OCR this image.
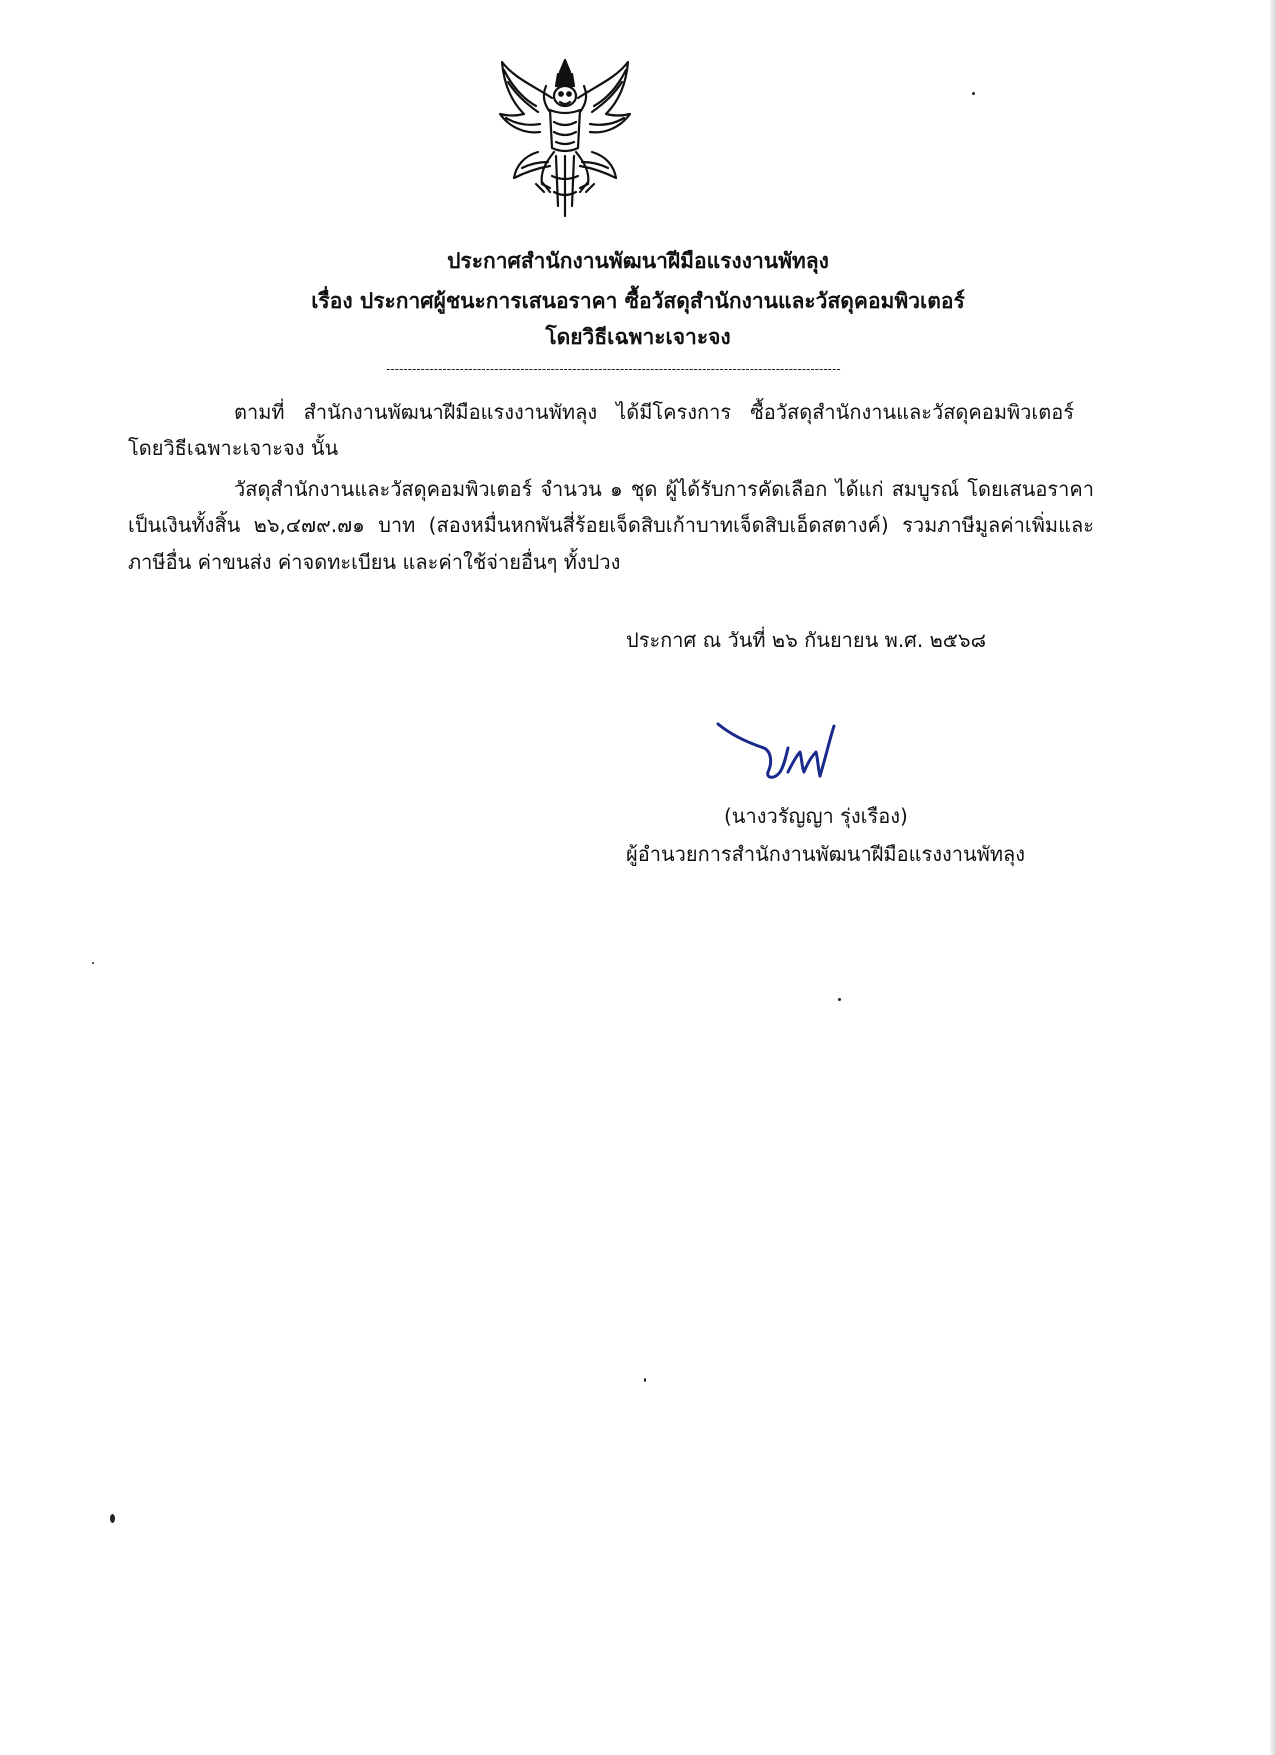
ประกาศสำนักงานพัฒนาฝีมือแรงงานพัทลุง
เรื่อง ประกาศผู้ชนะการเสนอราคา ซื้อวัสดุสำนักงานและวัสดุคอมพิวเตอร์
โดยวิธีเฉพาะเจาะจง
---------------------------------------------------------------------------------------------------------
ตามที่ สำนักงานพัฒนาฝีมือแรงงานพัทลุง ได้มีโครงการ ซื้อวัสดุสำนักงานและวัสดุคอมพิวเตอร์
โดยวิธีเฉพาะเจาะจง นั้น
วัสดุสำนักงานและวัสดุคอมพิวเตอร์ จำนวน ๑ ชุด ผู้ได้รับการคัดเลือก ได้แก่ สมบูรณ์ โดยเสนอราคา
เป็นเงินทั้งสิ้น ๒๖,๔๗๙.๗๑ บาท (สองหมื่นหกพันสี่ร้อยเจ็ดสิบเก้าบาทเจ็ดสิบเอ็ดสตางค์) รวมภาษีมูลค่าเพิ่มและ
ภาษีอื่น ค่าขนส่ง ค่าจดทะเบียน และค่าใช้จ่ายอื่นๆ ทั้งปวง
ประกาศ ณ วันที่ ๒๖ กันยายน พ.ศ. ๒๕๖๘
(นางวรัญญา รุ่งเรือง)
ผู้อำนวยการสำนักงานพัฒนาฝีมือแรงงานพัทลุง
